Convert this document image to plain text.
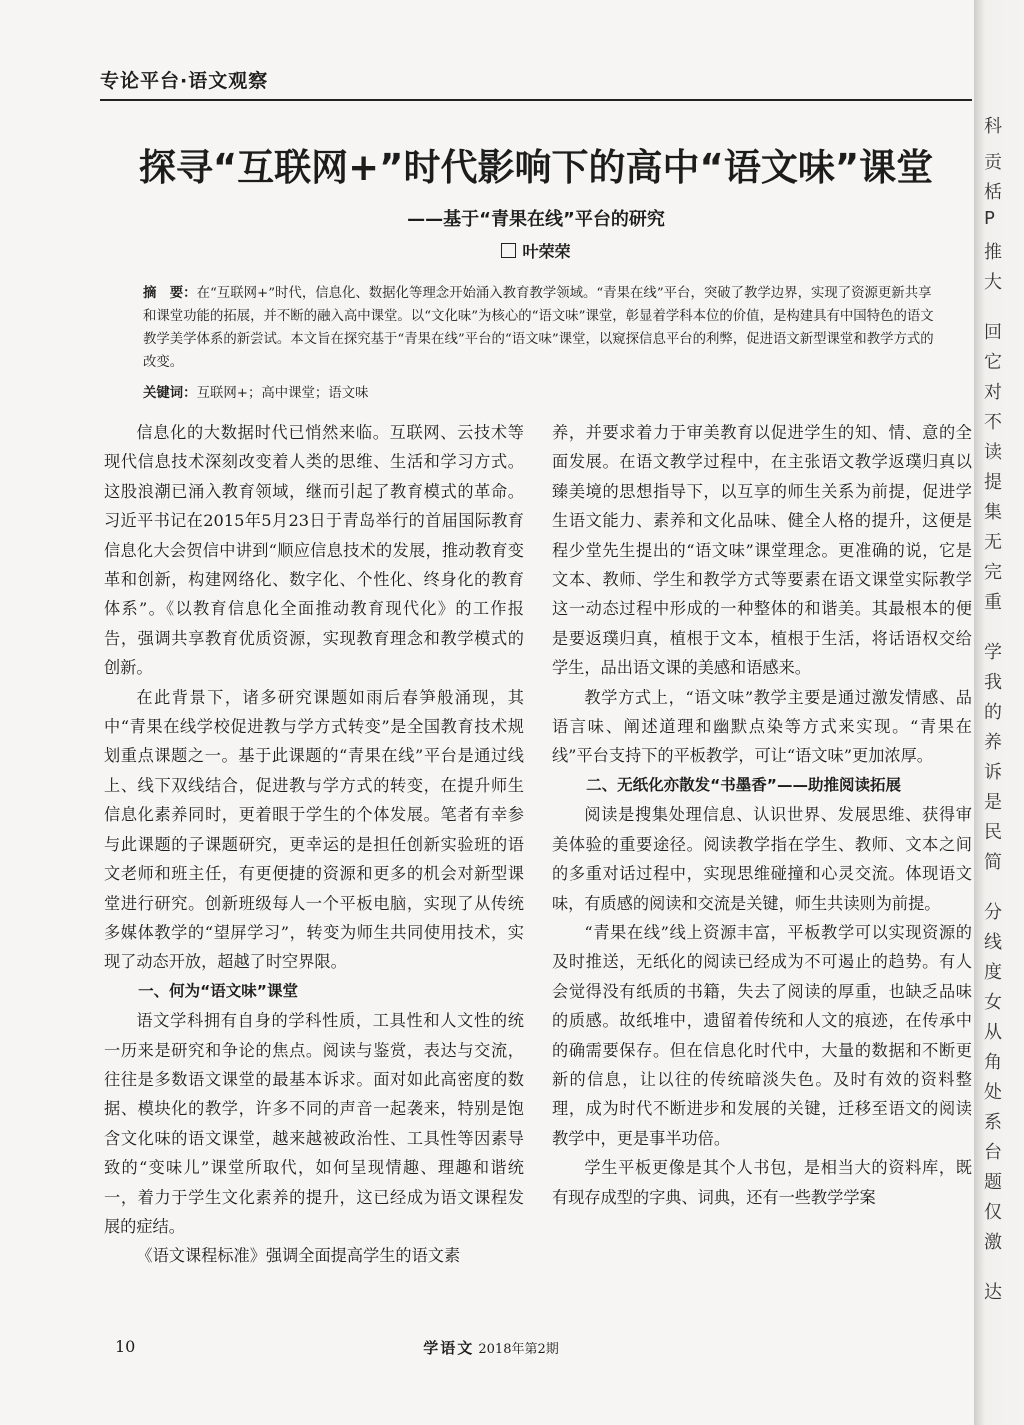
专论平台·语文观察
探寻“互联网+”时代影响下的高中“语文味”课堂
——基于“青果在线”平台的研究
叶荣荣
摘　要：在“互联网+”时代，信息化、数据化等理念开始涌入教育教学领域。“青果在线”平台，突破了教学边界，实现了资源更新共享和课堂功能的拓展，并不断的融入高中课堂。以“文化味”为核心的“语文味”课堂，彰显着学科本位的价值，是构建具有中国特色的语文教学美学体系的新尝试。本文旨在探究基于“青果在线”平台的“语文味”课堂，以窥探信息平台的利弊，促进语文新型课堂和教学方式的改变。
关键词：互联网+；高中课堂；语文味

信息化的大数据时代已悄然来临。互联网、云技术等现代信息技术深刻改变着人类的思维、生活和学习方式。这股浪潮已涌入教育领域，继而引起了教育模式的革命。习近平书记在2015年5月23日于青岛举行的首届国际教育信息化大会贺信中讲到“顺应信息技术的发展，推动教育变革和创新，构建网络化、数字化、个性化、终身化的教育体系”。《以教育信息化全面推动教育现代化》的工作报告，强调共享教育优质资源，实现教育理念和教学模式的创新。

在此背景下，诸多研究课题如雨后春笋般涌现，其中“青果在线学校促进教与学方式转变”是全国教育技术规划重点课题之一。基于此课题的“青果在线”平台是通过线上、线下双线结合，促进教与学方式的转变，在提升师生信息化素养同时，更着眼于学生的个体发展。笔者有幸参与此课题的子课题研究，更幸运的是担任创新实验班的语文老师和班主任，有更便捷的资源和更多的机会对新型课堂进行研究。创新班级每人一个平板电脑，实现了从传统多媒体教学的“望屏学习”，转变为师生共同使用技术，实现了动态开放，超越了时空界限。

一、何为“语文味”课堂

语文学科拥有自身的学科性质，工具性和人文性的统一历来是研究和争论的焦点。阅读与鉴赏，表达与交流，往往是多数语文课堂的最基本诉求。面对如此高密度的数据、模块化的教学，许多不同的声音一起袭来，特别是饱含文化味的语文课堂，越来越被政治性、工具性等因素导致的“变味儿”课堂所取代，如何呈现情趣、理趣和谐统一，着力于学生文化素养的提升，这已经成为语文课程发展的症结。

《语文课程标准》强调全面提高学生的语文素

养，并要求着力于审美教育以促进学生的知、情、意的全面发展。在语文教学过程中，在主张语文教学返璞归真以臻美境的思想指导下，以互享的师生关系为前提，促进学生语文能力、素养和文化品味、健全人格的提升，这便是程少堂先生提出的“语文味”课堂理念。更准确的说，它是文本、教师、学生和教学方式等要素在语文课堂实际教学这一动态过程中形成的一种整体的和谐美。其最根本的便是要返璞归真，植根于文本，植根于生活，将话语权交给学生，品出语文课的美感和语感来。

教学方式上，“语文味”教学主要是通过激发情感、品语言味、阐述道理和幽默点染等方式来实现。“青果在线”平台支持下的平板教学，可让“语文味”更加浓厚。

二、无纸化亦散发“书墨香”——助推阅读拓展

阅读是搜集处理信息、认识世界、发展思维、获得审美体验的重要途径。阅读教学指在学生、教师、文本之间的多重对话过程中，实现思维碰撞和心灵交流。体现语文味，有质感的阅读和交流是关键，师生共读则为前提。

“青果在线”线上资源丰富，平板教学可以实现资源的及时推送，无纸化的阅读已经成为不可遏止的趋势。有人会觉得没有纸质的书籍，失去了阅读的厚重，也缺乏品味的质感。故纸堆中，遗留着传统和人文的痕迹，在传承中的确需要保存。但在信息化时代中，大量的数据和不断更新的信息，让以往的传统暗淡失色。及时有效的资料整理，成为时代不断进步和发展的关键，迁移至语文的阅读教学中，更是事半功倍。

学生平板更像是其个人书包，是相当大的资料库，既有现存成型的字典、词典，还有一些教学学案

10	学语文 2018年第2期
科
贡
栝
P
推
大
回
它
对
不
读
提
集
无
完
重
学
我
的
养
诉
是
民
简
分
线
度
女
从
角
处
系
台
题
仅
激
达
